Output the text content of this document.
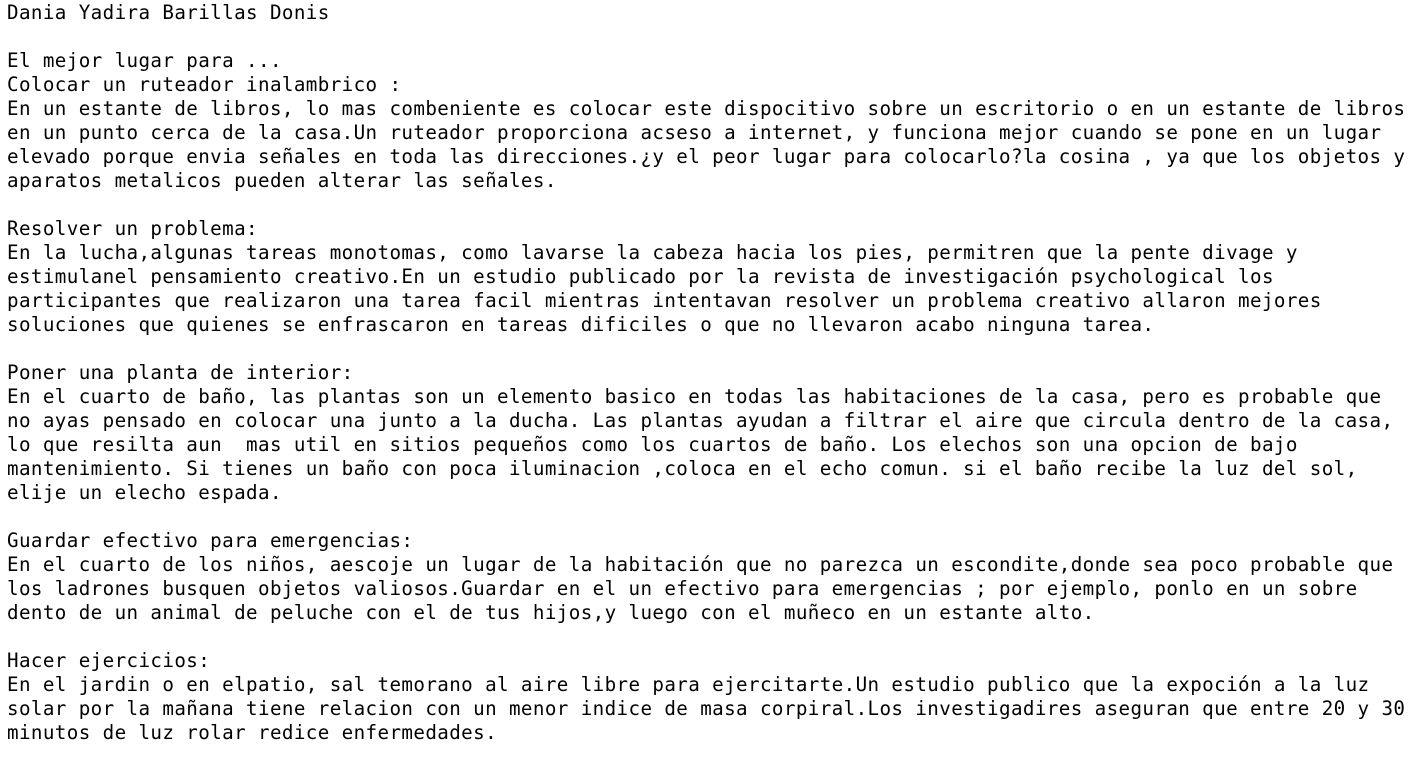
Dania Yadira Barillas Donis
El mejor lugar para ...
Colocar un ruteador inalambrico :
En un estante de libros, lo mas combeniente es colocar este dispocitivo sobre un escritorio o en un estante de libros
en un punto cerca de la casa.Un ruteador proporciona acseso a internet, y funciona mejor cuando se pone en un lugar
elevado porque envia señales en toda las direcciones.¿y el peor lugar para colocarlo?la cosina , ya que los objetos y
aparatos metalicos pueden alterar las señales.
Resolver un problema:
En la lucha,algunas tareas monotomas, como lavarse la cabeza hacia los pies, permitren que la pente divage y
estimulanel pensamiento creativo.En un estudio publicado por la revista de investigación psychological los
participantes que realizaron una tarea facil mientras intentavan resolver un problema creativo allaron mejores
soluciones que quienes se enfrascaron en tareas dificiles o que no llevaron acabo ninguna tarea.
Poner una planta de interior:
En el cuarto de baño, las plantas son un elemento basico en todas las habitaciones de la casa, pero es probable que
no ayas pensado en colocar una junto a la ducha. Las plantas ayudan a filtrar el aire que circula dentro de la casa,
lo que resilta aun  mas util en sitios pequeños como los cuartos de baño. Los elechos son una opcion de bajo
mantenimiento. Si tienes un baño con poca iluminacion ,coloca en el echo comun. si el baño recibe la luz del sol,
elije un elecho espada.
Guardar efectivo para emergencias:
En el cuarto de los niños, aescoje un lugar de la habitación que no parezca un escondite,donde sea poco probable que
los ladrones busquen objetos valiosos.Guardar en el un efectivo para emergencias ; por ejemplo, ponlo en un sobre
dento de un animal de peluche con el de tus hijos,y luego con el muñeco en un estante alto.
Hacer ejercicios:
En el jardin o en elpatio, sal temorano al aire libre para ejercitarte.Un estudio publico que la expoción a la luz
solar por la mañana tiene relacion con un menor indice de masa corpiral.Los investigadires aseguran que entre 20 y 30
minutos de luz rolar redice enfermedades.
